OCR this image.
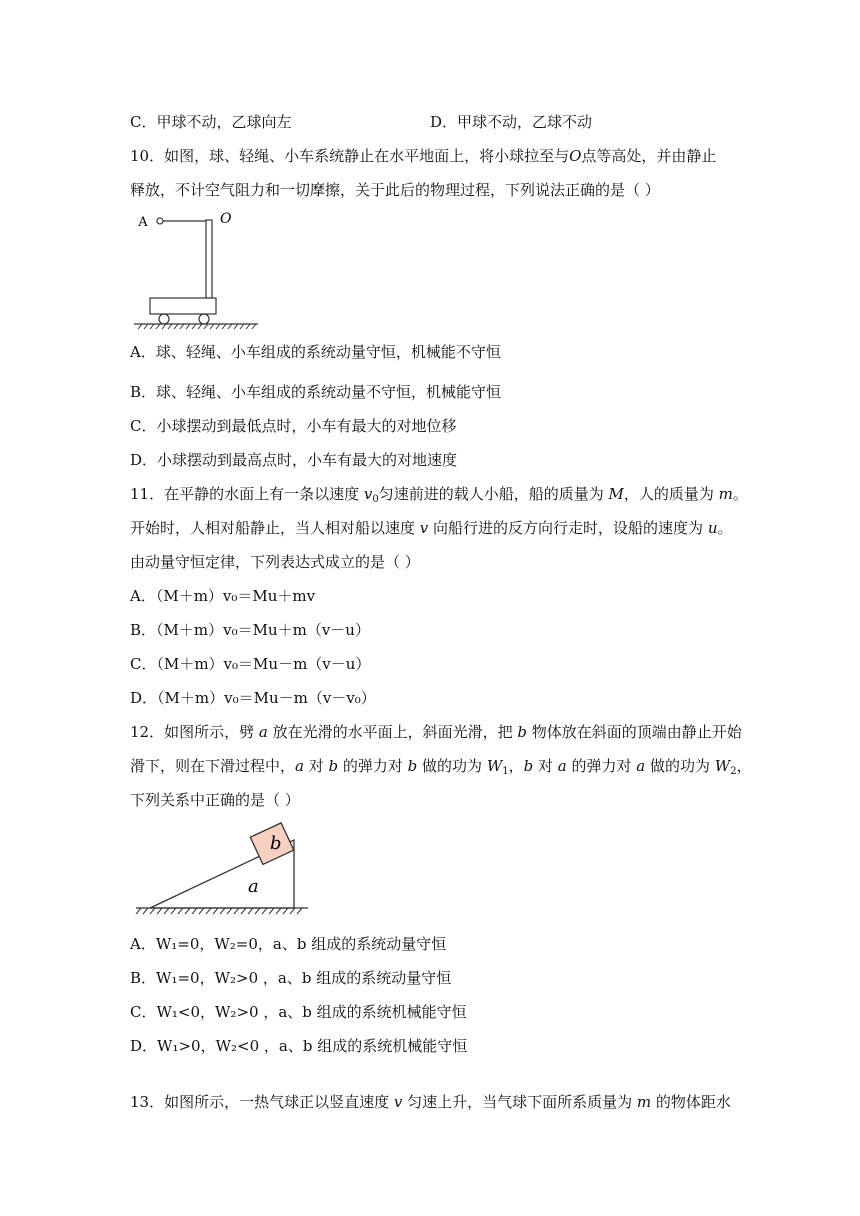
C．甲球不动，乙球向左	D．甲球不动，乙球不动
10．如图，球、轻绳、小车系统静止在水平地面上，将小球拉至与O点等高处，并由静止
释放，不计空气阻力和一切摩擦，关于此后的物理过程，下列说法正确的是（ ）
A	O
A．球、轻绳、小车组成的系统动量守恒，机械能不守恒
B．球、轻绳、小车组成的系统动量不守恒，机械能守恒
C．小球摆动到最低点时，小车有最大的对地位移
D．小球摆动到最高点时，小车有最大的对地速度
11．在平静的水面上有一条以速度 $v_0$匀速前进的载人小船，船的质量为 M，人的质量为 m。
开始时，人相对船静止，当人相对船以速度 v 向船行进的反方向行走时，设船的速度为 u。
由动量守恒定律，下列表达式成立的是（ ）
A．（M＋m）v₀＝Mu＋mv
B．（M＋m）v₀＝Mu＋m（v－u）
C．（M＋m）v₀＝Mu－m（v－u）
D．（M＋m）v₀＝Mu－m（v－v₀）
12．如图所示，劈 a 放在光滑的水平面上，斜面光滑，把 b 物体放在斜面的顶端由静止开始
滑下，则在下滑过程中，a 对 b 的弹力对 b 做的功为 $W_1$，b 对 a 的弹力对 a 做的功为 $W_2$，
下列关系中正确的是（ ）
b
a
A．W₁=0，W₂=0，a、b 组成的系统动量守恒
B．W₁=0，W₂>0 ，a、b 组成的系统动量守恒
C．W₁<0，W₂>0 ，a、b 组成的系统机械能守恒
D．W₁>0，W₂<0 ，a、b 组成的系统机械能守恒
13．如图所示，一热气球正以竖直速度 v 匀速上升，当气球下面所系质量为 m 的物体距水
